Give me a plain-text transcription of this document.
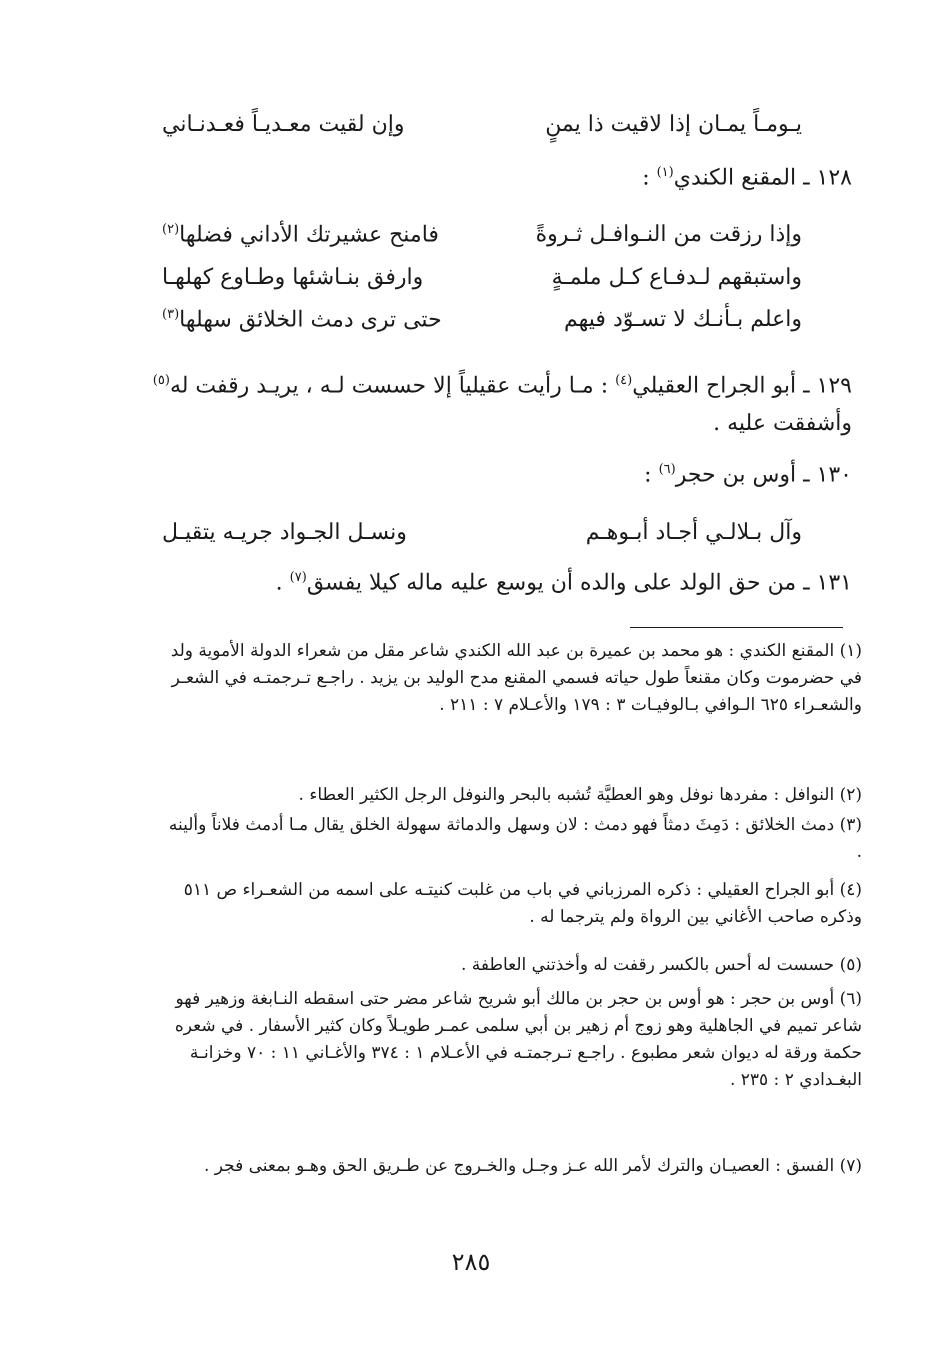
يـومـاً يمـان إذا لاقيت ذا يمنٍ
وإن لقيت معـديـاً فعـدنـاني
١٢٨ ـ المقنع الكندي$^{(١)}$ :
وإذا رزقت من النـوافـل ثـروةً
فامنح عشيرتك الأداني فضلها$^{(٢)}$
واستبقهم لـدفـاع كـل ملمـةٍ
وارفق بنـاشئها وطـاوع كهلهـا
واعلم بـأنـك لا تسـوّد فيهم
حتى ترى دمث الخلائق سهلها$^{(٣)}$
١٢٩ ـ أبو الجراح العقيلي$^{(٤)}$ : مـا رأيت عقيلياً إلا حسست لـه ، يريـد رقفت له$^{(٥)}$ وأشفقت عليه .
١٣٠ ـ أوس بن حجر$^{(٦)}$ :
وآل بـلالـي أجـاد أبـوهـم
ونسـل الجـواد جريـه يتقيـل
١٣١ ـ من حق الولد على والده أن يوسع عليه ماله كيلا يفسق$^{(٧)}$ .
(١) المقنع الكندي : هو محمد بن عميرة بن عبد الله الكندي شاعر مقل من شعراء الدولة الأموية ولد في حضرموت وكان مقنعاً طول حياته فسمي المقنع مدح الوليد بن يزيد . راجـع تـرجمتـه في الشعـر والشعـراء ٦٢٥ الـوافي بـالوفيـات ٣ : ١٧٩ والأعـلام ٧ : ٢١١ .
(٢) النوافل : مفردها نوفل وهو العطيَّة تُشبه بالبحر والنوفل الرجل الكثير العطاء .
(٣) دمث الخلائق : دَمِثَ دمثاً فهو دمث : لان وسهل والدماثة سهولة الخلق يقال مـا أدمث فلاناً وألينه .
(٤) أبو الجراح العقيلي : ذكره المرزباني في باب من غلبت كنيتـه على اسمه من الشعـراء ص ٥١١ وذكره صاحب الأغاني بين الرواة ولم يترجما له .
(٥) حسست له أحس بالكسر رقفت له وأخذتني العاطفة .
(٦) أوس بن حجر : هو أوس بن حجر بن مالك أبو شريح شاعر مضر حتى اسقطه النـابغة وزهير فهو شاعر تميم في الجاهلية وهو زوج أم زهير بن أبي سلمى عمـر طويـلاً وكان كثير الأسفار . في شعره حكمة ورقة له ديوان شعر مطبوع . راجـع تـرجمتـه في الأعـلام ١ : ٣٧٤ والأغـاني ١١ : ٧٠ وخزانـة البغـدادي ٢ : ٢٣٥ .
(٧) الفسق : العصيـان والترك لأمر الله عـز وجـل والخـروج عن طـريق الحق وهـو بمعنى فجر .
٢٨٥
